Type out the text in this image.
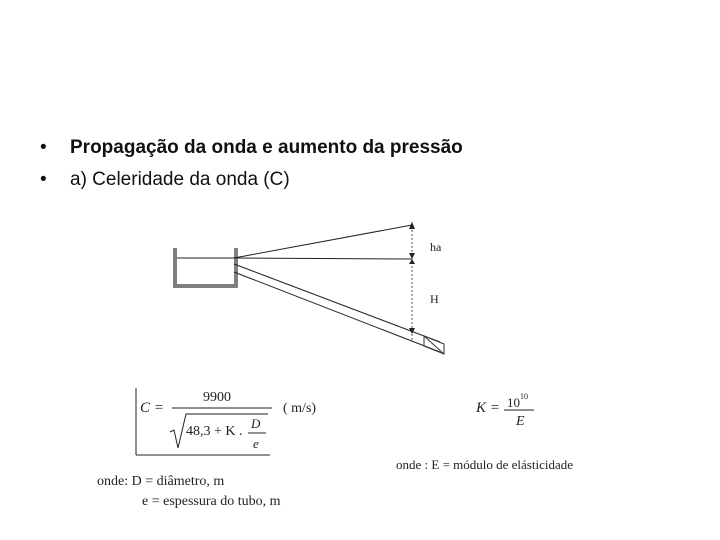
• Propagação da onda e aumento da pressão
• a) Celeridade da onda (C)
ha
H
C =
9900
48,3 + K .
D
e
( m/s)	$K = 10^{10}$
E
onde : E = módulo de elásticidade
onde: D = diâmetro, m
e = espessura do tubo, m
